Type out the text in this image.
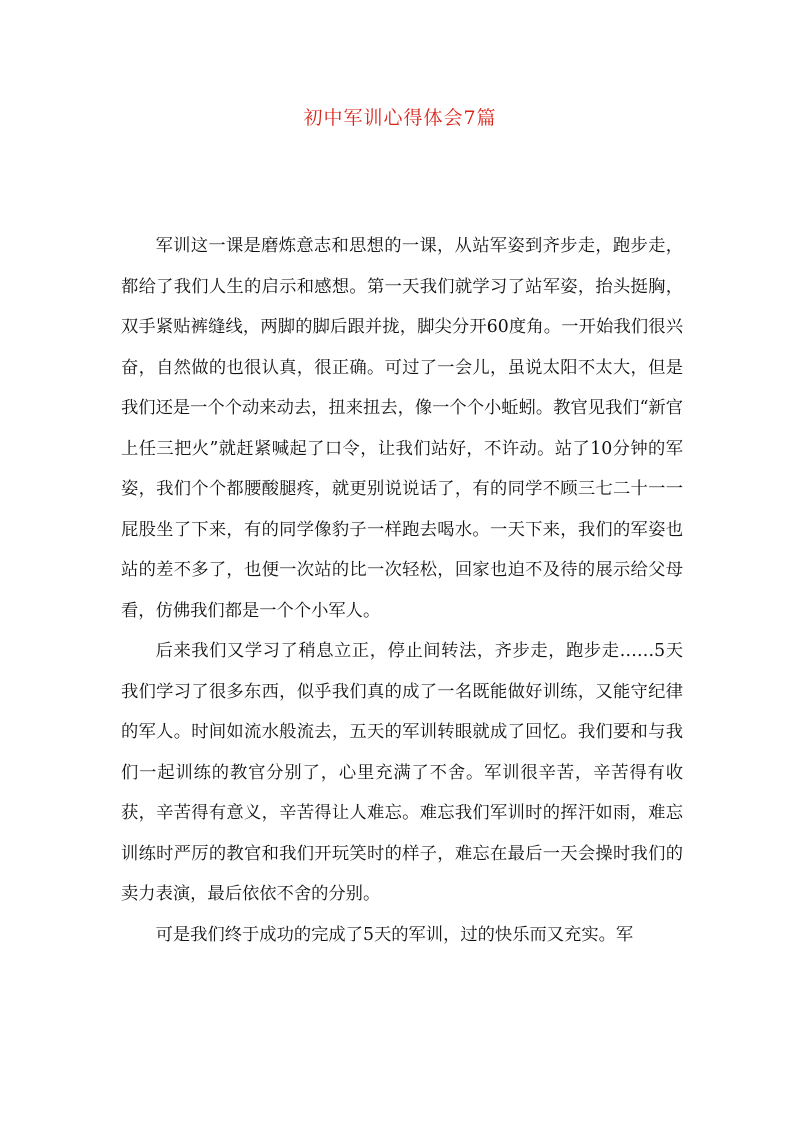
初中军训心得体会7篇

军训这一课是磨炼意志和思想的一课，从站军姿到齐步走，跑步走，都给了我们人生的启示和感想。第一天我们就学习了站军姿，抬头挺胸，双手紧贴裤缝线，两脚的脚后跟并拢，脚尖分开60度角。一开始我们很兴奋，自然做的也很认真，很正确。可过了一会儿，虽说太阳不太大，但是我们还是一个个动来动去，扭来扭去，像一个个小蚯蚓。教官见我们“新官上任三把火”就赶紧喊起了口令，让我们站好，不许动。站了10分钟的军姿，我们个个都腰酸腿疼，就更别说说话了，有的同学不顾三七二十一一屁股坐了下来，有的同学像豹子一样跑去喝水。一天下来，我们的军姿也站的差不多了，也便一次站的比一次轻松，回家也迫不及待的展示给父母看，仿佛我们都是一个个小军人。

后来我们又学习了稍息立正，停止间转法，齐步走，跑步走……5天我们学习了很多东西，似乎我们真的成了一名既能做好训练，又能守纪律的军人。时间如流水般流去，五天的军训转眼就成了回忆。我们要和与我们一起训练的教官分别了，心里充满了不舍。军训很辛苦，辛苦得有收获，辛苦得有意义，辛苦得让人难忘。难忘我们军训时的挥汗如雨，难忘训练时严厉的教官和我们开玩笑时的样子，难忘在最后一天会操时我们的卖力表演，最后依依不舍的分别。

可是我们终于成功的完成了5天的军训，过的快乐而又充实。军
